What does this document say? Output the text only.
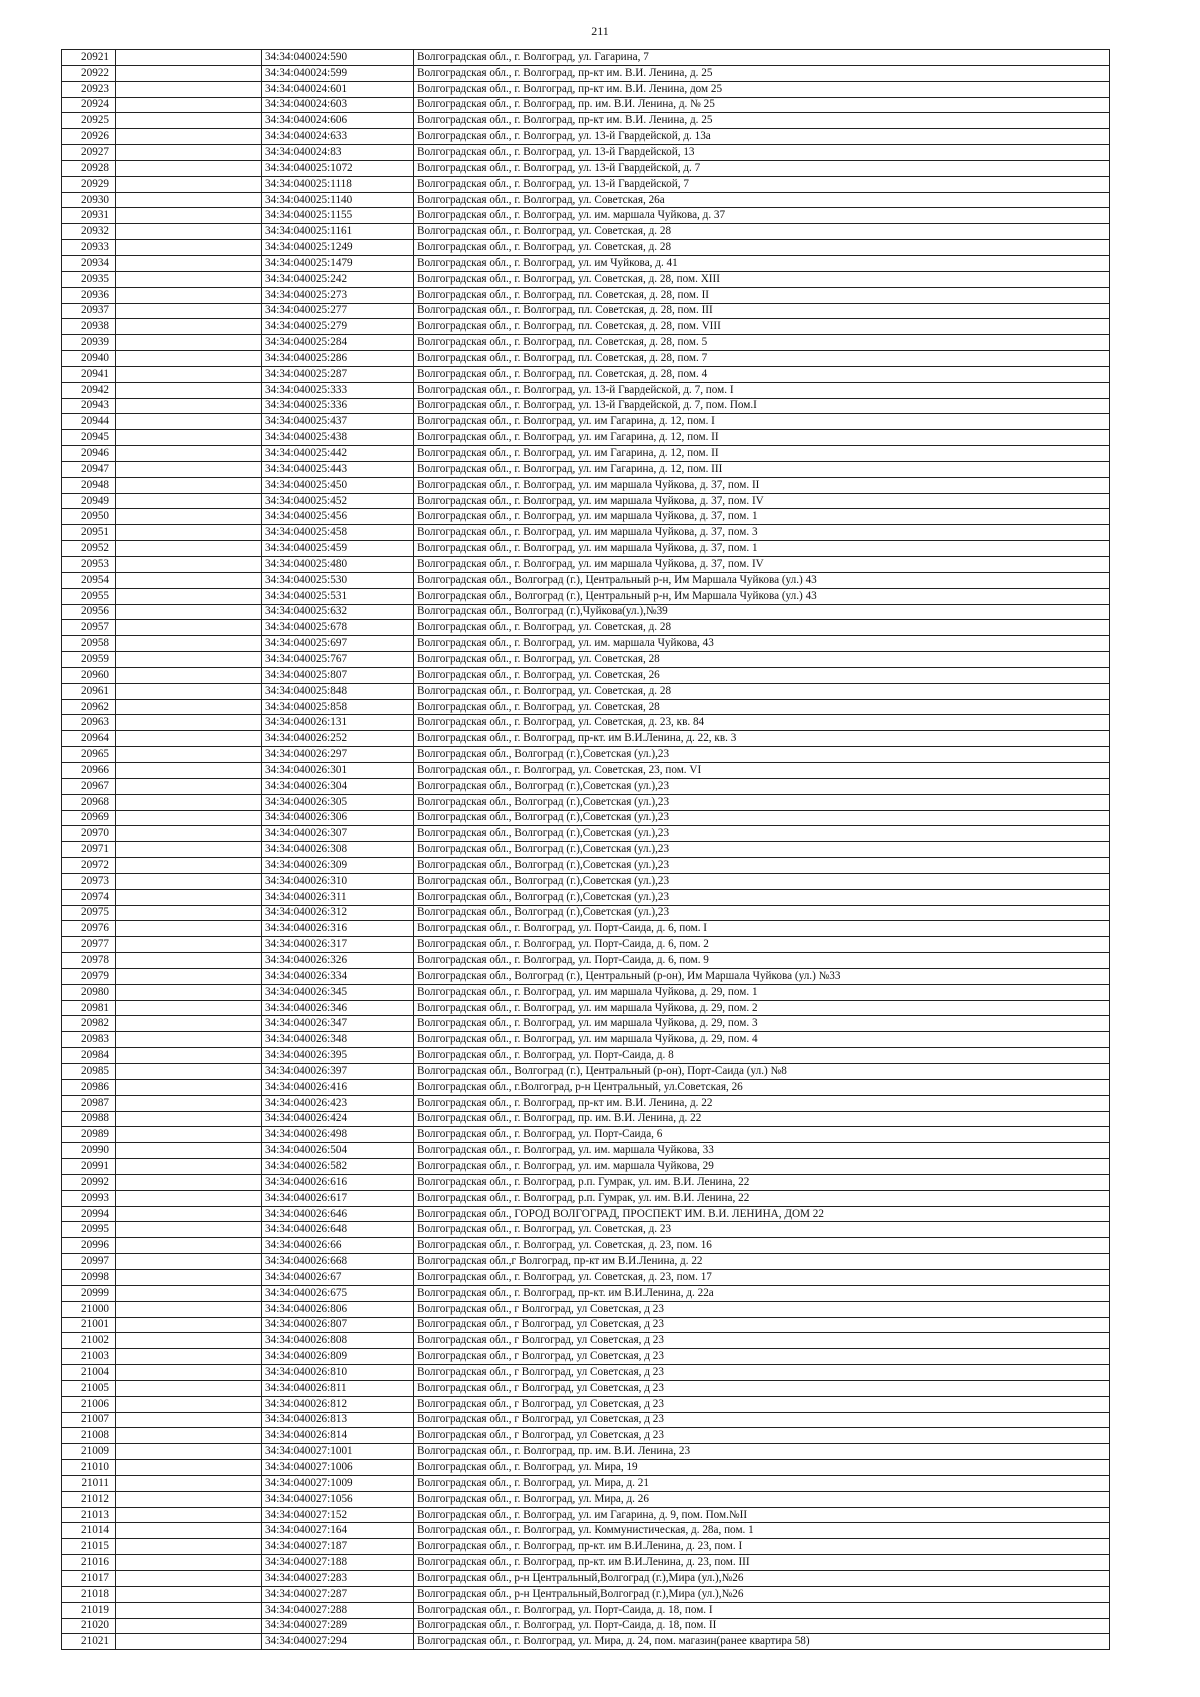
211
20921		34:34:040024:590	Волгоградская обл., г. Волгоград, ул. Гагарина, 7
20922		34:34:040024:599	Волгоградская обл., г. Волгоград, пр-кт им. В.И. Ленина, д. 25
20923		34:34:040024:601	Волгоградская обл., г. Волгоград, пр-кт им. В.И. Ленина, дом 25
20924		34:34:040024:603	Волгоградская обл., г. Волгоград, пр. им. В.И. Ленина, д. № 25
20925		34:34:040024:606	Волгоградская обл., г. Волгоград, пр-кт им. В.И. Ленина, д. 25
20926		34:34:040024:633	Волгоградская обл., г. Волгоград, ул. 13-й Гвардейской, д. 13а
20927		34:34:040024:83	Волгоградская обл., г. Волгоград, ул. 13-й Гвардейской, 13
20928		34:34:040025:1072	Волгоградская обл., г. Волгоград, ул. 13-й Гвардейской, д. 7
20929		34:34:040025:1118	Волгоградская обл., г. Волгоград, ул. 13-й Гвардейской, 7
20930		34:34:040025:1140	Волгоградская обл., г. Волгоград, ул. Советская, 26а
20931		34:34:040025:1155	Волгоградская обл., г. Волгоград, ул. им. маршала Чуйкова, д. 37
20932		34:34:040025:1161	Волгоградская обл., г. Волгоград, ул. Советская, д. 28
20933		34:34:040025:1249	Волгоградская обл., г. Волгоград, ул. Советская, д. 28
20934		34:34:040025:1479	Волгоградская обл., г. Волгоград, ул. им Чуйкова, д. 41
20935		34:34:040025:242	Волгоградская обл., г. Волгоград, ул. Советская, д. 28, пом. XIII
20936		34:34:040025:273	Волгоградская обл., г. Волгоград, пл. Советская, д. 28, пом. II
20937		34:34:040025:277	Волгоградская обл., г. Волгоград, пл. Советская, д. 28, пом. III
20938		34:34:040025:279	Волгоградская обл., г. Волгоград, пл. Советская, д. 28, пом. VIII
20939		34:34:040025:284	Волгоградская обл., г. Волгоград, пл. Советская, д. 28, пом. 5
20940		34:34:040025:286	Волгоградская обл., г. Волгоград, пл. Советская, д. 28, пом. 7
20941		34:34:040025:287	Волгоградская обл., г. Волгоград, пл. Советская, д. 28, пом. 4
20942		34:34:040025:333	Волгоградская обл., г. Волгоград, ул. 13-й Гвардейской, д. 7, пом. I
20943		34:34:040025:336	Волгоградская обл., г. Волгоград, ул. 13-й Гвардейской, д. 7, пом. Пом.I
20944		34:34:040025:437	Волгоградская обл., г. Волгоград, ул. им Гагарина, д. 12, пом. I
20945		34:34:040025:438	Волгоградская обл., г. Волгоград, ул. им Гагарина, д. 12, пом. II
20946		34:34:040025:442	Волгоградская обл., г. Волгоград, ул. им Гагарина, д. 12, пом. II
20947		34:34:040025:443	Волгоградская обл., г. Волгоград, ул. им Гагарина, д. 12, пом. III
20948		34:34:040025:450	Волгоградская обл., г. Волгоград, ул. им маршала Чуйкова, д. 37, пом. II
20949		34:34:040025:452	Волгоградская обл., г. Волгоград, ул. им маршала Чуйкова, д. 37, пом. IV
20950		34:34:040025:456	Волгоградская обл., г. Волгоград, ул. им маршала Чуйкова, д. 37, пом. 1
20951		34:34:040025:458	Волгоградская обл., г. Волгоград, ул. им маршала Чуйкова, д. 37, пом. 3
20952		34:34:040025:459	Волгоградская обл., г. Волгоград, ул. им маршала Чуйкова, д. 37, пом. 1
20953		34:34:040025:480	Волгоградская обл., г. Волгоград, ул. им маршала Чуйкова, д. 37, пом. IV
20954		34:34:040025:530	Волгоградская обл., Волгоград (г.), Центральный р-н, Им Маршала Чуйкова (ул.) 43
20955		34:34:040025:531	Волгоградская обл., Волгоград (г.), Центральный р-н, Им Маршала Чуйкова (ул.) 43
20956		34:34:040025:632	Волгоградская обл., Волгоград (г.),Чуйкова(ул.),№39
20957		34:34:040025:678	Волгоградская обл., г. Волгоград, ул. Советская, д. 28
20958		34:34:040025:697	Волгоградская обл., г. Волгоград, ул. им. маршала Чуйкова, 43
20959		34:34:040025:767	Волгоградская обл., г. Волгоград, ул. Советская, 28
20960		34:34:040025:807	Волгоградская обл., г. Волгоград, ул. Советская, 26
20961		34:34:040025:848	Волгоградская обл., г. Волгоград, ул. Советская, д. 28
20962		34:34:040025:858	Волгоградская обл., г. Волгоград, ул. Советская, 28
20963		34:34:040026:131	Волгоградская обл., г. Волгоград, ул. Советская, д. 23, кв. 84
20964		34:34:040026:252	Волгоградская обл., г. Волгоград, пр-кт. им В.И.Ленина, д. 22, кв. 3
20965		34:34:040026:297	Волгоградская обл., Волгоград (г.),Советская (ул.),23
20966		34:34:040026:301	Волгоградская обл., г. Волгоград, ул. Советская, 23, пом. VI
20967		34:34:040026:304	Волгоградская обл., Волгоград (г.),Советская (ул.),23
20968		34:34:040026:305	Волгоградская обл., Волгоград (г.),Советская (ул.),23
20969		34:34:040026:306	Волгоградская обл., Волгоград (г.),Советская (ул.),23
20970		34:34:040026:307	Волгоградская обл., Волгоград (г.),Советская (ул.),23
20971		34:34:040026:308	Волгоградская обл., Волгоград (г.),Советская (ул.),23
20972		34:34:040026:309	Волгоградская обл., Волгоград (г.),Советская (ул.),23
20973		34:34:040026:310	Волгоградская обл., Волгоград (г.),Советская (ул.),23
20974		34:34:040026:311	Волгоградская обл., Волгоград (г.),Советская (ул.),23
20975		34:34:040026:312	Волгоградская обл., Волгоград (г.),Советская (ул.),23
20976		34:34:040026:316	Волгоградская обл., г. Волгоград, ул. Порт-Саида, д. 6, пом. I
20977		34:34:040026:317	Волгоградская обл., г. Волгоград, ул. Порт-Саида, д. 6, пом. 2
20978		34:34:040026:326	Волгоградская обл., г. Волгоград, ул. Порт-Саида, д. 6, пом. 9
20979		34:34:040026:334	Волгоградская обл., Волгоград (г.), Центральный (р-он), Им Маршала Чуйкова (ул.) №33
20980		34:34:040026:345	Волгоградская обл., г. Волгоград, ул. им маршала Чуйкова, д. 29, пом. 1
20981		34:34:040026:346	Волгоградская обл., г. Волгоград, ул. им маршала Чуйкова, д. 29, пом. 2
20982		34:34:040026:347	Волгоградская обл., г. Волгоград, ул. им маршала Чуйкова, д. 29, пом. 3
20983		34:34:040026:348	Волгоградская обл., г. Волгоград, ул. им маршала Чуйкова, д. 29, пом. 4
20984		34:34:040026:395	Волгоградская обл., г. Волгоград, ул. Порт-Саида, д. 8
20985		34:34:040026:397	Волгоградская обл., Волгоград (г.), Центральный (р-он), Порт-Саида (ул.) №8
20986		34:34:040026:416	Волгоградская обл., г.Волгоград, р-н Центральный, ул.Советская, 26
20987		34:34:040026:423	Волгоградская обл., г. Волгоград, пр-кт им. В.И. Ленина, д. 22
20988		34:34:040026:424	Волгоградская обл., г. Волгоград, пр. им. В.И. Ленина, д. 22
20989		34:34:040026:498	Волгоградская обл., г. Волгоград, ул. Порт-Саида, 6
20990		34:34:040026:504	Волгоградская обл., г. Волгоград, ул. им. маршала Чуйкова, 33
20991		34:34:040026:582	Волгоградская обл., г. Волгоград, ул. им. маршала Чуйкова, 29
20992		34:34:040026:616	Волгоградская обл., г. Волгоград, р.п. Гумрак, ул. им. В.И. Ленина, 22
20993		34:34:040026:617	Волгоградская обл., г. Волгоград, р.п. Гумрак, ул. им. В.И. Ленина, 22
20994		34:34:040026:646	Волгоградская обл., ГОРОД ВОЛГОГРАД, ПРОСПЕКТ ИМ. В.И. ЛЕНИНА, ДОМ 22
20995		34:34:040026:648	Волгоградская обл., г. Волгоград, ул. Советская, д. 23
20996		34:34:040026:66	Волгоградская обл., г. Волгоград, ул. Советская, д. 23, пом. 16
20997		34:34:040026:668	Волгоградская обл.,г Волгоград, пр-кт им В.И.Ленина, д. 22
20998		34:34:040026:67	Волгоградская обл., г. Волгоград, ул. Советская, д. 23, пом. 17
20999		34:34:040026:675	Волгоградская обл., г. Волгоград, пр-кт. им В.И.Ленина, д. 22а
21000		34:34:040026:806	Волгоградская обл., г Волгоград, ул Советская, д 23
21001		34:34:040026:807	Волгоградская обл., г Волгоград, ул Советская, д 23
21002		34:34:040026:808	Волгоградская обл., г Волгоград, ул Советская, д 23
21003		34:34:040026:809	Волгоградская обл., г Волгоград, ул Советская, д 23
21004		34:34:040026:810	Волгоградская обл., г Волгоград, ул Советская, д 23
21005		34:34:040026:811	Волгоградская обл., г Волгоград, ул Советская, д 23
21006		34:34:040026:812	Волгоградская обл., г Волгоград, ул Советская, д 23
21007		34:34:040026:813	Волгоградская обл., г Волгоград, ул Советская, д 23
21008		34:34:040026:814	Волгоградская обл., г Волгоград, ул Советская, д 23
21009		34:34:040027:1001	Волгоградская обл., г. Волгоград, пр. им. В.И. Ленина, 23
21010		34:34:040027:1006	Волгоградская обл., г. Волгоград, ул. Мира, 19
21011		34:34:040027:1009	Волгоградская обл., г. Волгоград, ул. Мира, д. 21
21012		34:34:040027:1056	Волгоградская обл., г. Волгоград, ул. Мира, д. 26
21013		34:34:040027:152	Волгоградская обл., г. Волгоград, ул. им Гагарина, д. 9, пом. Пом.№II
21014		34:34:040027:164	Волгоградская обл., г. Волгоград, ул. Коммунистическая, д. 28а, пом. 1
21015		34:34:040027:187	Волгоградская обл., г. Волгоград, пр-кт. им В.И.Ленина, д. 23, пом. I
21016		34:34:040027:188	Волгоградская обл., г. Волгоград, пр-кт. им В.И.Ленина, д. 23, пом. III
21017		34:34:040027:283	Волгоградская обл., р-н Центральный,Волгоград (г.),Мира (ул.),№26
21018		34:34:040027:287	Волгоградская обл., р-н Центральный,Волгоград (г.),Мира (ул.),№26
21019		34:34:040027:288	Волгоградская обл., г. Волгоград, ул. Порт-Саида, д. 18, пом. I
21020		34:34:040027:289	Волгоградская обл., г. Волгоград, ул. Порт-Саида, д. 18, пом. II
21021		34:34:040027:294	Волгоградская обл., г. Волгоград, ул. Мира, д. 24, пом. магазин(ранее квартира 58)
